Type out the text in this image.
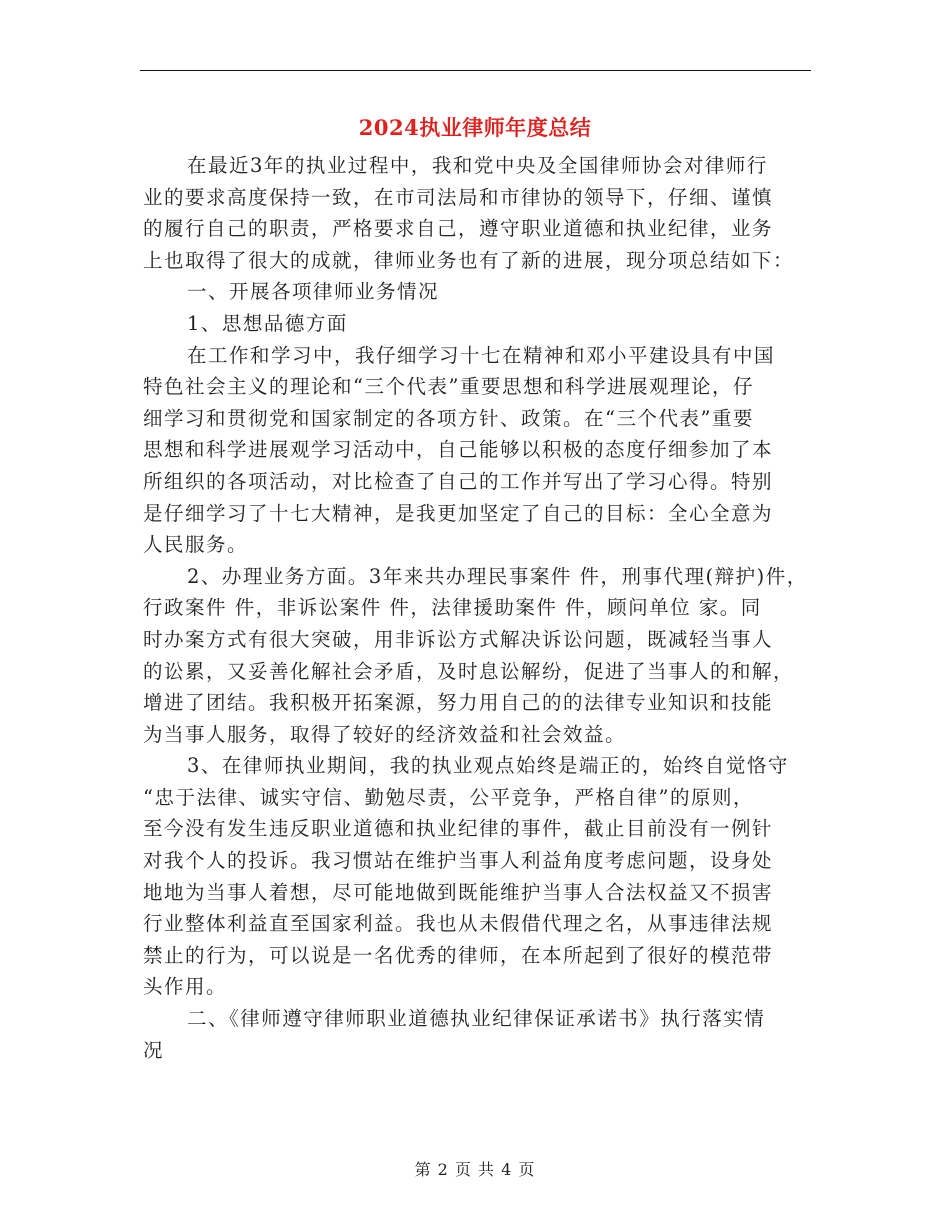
2024执业律师年度总结
在最近3年的执业过程中，我和党中央及全国律师协会对律师行
业的要求高度保持一致，在市司法局和市律协的领导下，仔细、谨慎
的履行自己的职责，严格要求自己，遵守职业道德和执业纪律，业务
上也取得了很大的成就，律师业务也有了新的进展，现分项总结如下：
一、开展各项律师业务情况
1、思想品德方面
在工作和学习中，我仔细学习十七在精神和邓小平建设具有中国
特色社会主义的理论和“三个代表”重要思想和科学进展观理论，仔
细学习和贯彻党和国家制定的各项方针、政策。在“三个代表”重要
思想和科学进展观学习活动中，自己能够以积极的态度仔细参加了本
所组织的各项活动，对比检查了自己的工作并写出了学习心得。特别
是仔细学习了十七大精神，是我更加坚定了自己的目标：全心全意为
人民服务。
2、办理业务方面。3年来共办理民事案件 件，刑事代理(辩护)件，
行政案件 件，非诉讼案件 件，法律援助案件 件，顾问单位 家。同
时办案方式有很大突破，用非诉讼方式解决诉讼问题，既减轻当事人
的讼累，又妥善化解社会矛盾，及时息讼解纷，促进了当事人的和解，
增进了团结。我积极开拓案源，努力用自己的的法律专业知识和技能
为当事人服务，取得了较好的经济效益和社会效益。
3、在律师执业期间，我的执业观点始终是端正的，始终自觉恪守
“忠于法律、诚实守信、勤勉尽责，公平竞争，严格自律”的原则，
至今没有发生违反职业道德和执业纪律的事件，截止目前没有一例针
对我个人的投诉。我习惯站在维护当事人利益角度考虑问题，设身处
地地为当事人着想，尽可能地做到既能维护当事人合法权益又不损害
行业整体利益直至国家利益。我也从未假借代理之名，从事违律法规
禁止的行为，可以说是一名优秀的律师，在本所起到了很好的模范带
头作用。
二、《律师遵守律师职业道德执业纪律保证承诺书》执行落实情
况
第 2 页 共 4 页
